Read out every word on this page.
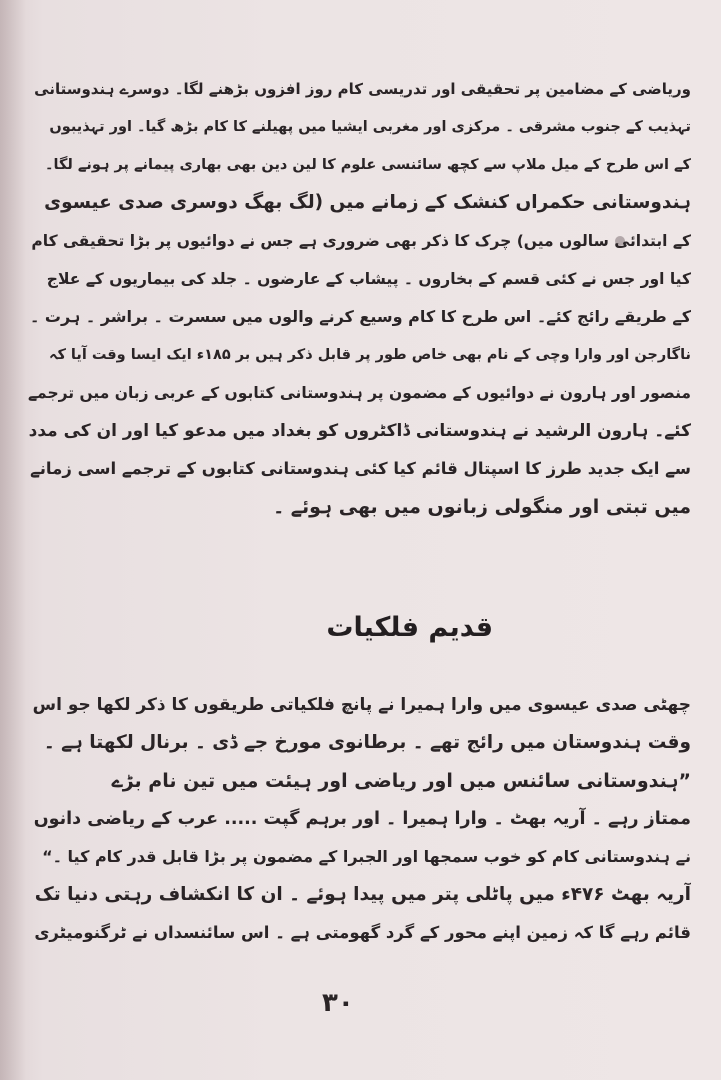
وریاضی کے مضامین پر تحقیقی اور تدریسی کام روز افزوں بڑھنے لگا۔ دوسرے ہندوستانی
تہذیب کے جنوب مشرقی ۔ مرکزی اور مغربی ایشیا میں پھیلنے کا کام بڑھ گیا۔ اور تہذیبوں
کے اس طرح کے میل ملاپ سے کچھ سائنسی علوم کا لین دین بھی بھاری پیمانے پر ہونے لگا۔
ہندوستانی حکمراں کنشک کے زمانے میں (لگ بھگ دوسری صدی عیسوی
کے ابتدائی سالوں میں) چرک کا ذکر بھی ضروری ہے جس نے دوائیوں پر بڑا تحقیقی کام
کیا اور جس نے کئی قسم کے بخاروں ۔ پیشاب کے عارضوں ۔ جلد کی بیماریوں کے علاج
کے طریقے رائج کئے۔ اس طرح کا کام وسیع کرنے والوں میں سسرت ۔ براشر ۔ ہرت ۔
ناگارجن اور وارا وچی کے نام بھی خاص طور پر قابل ذکر ہیں بر ۱۸۵ء ایک ایسا وقت آیا کہ
منصور اور ہارون نے دوائیوں کے مضمون پر ہندوستانی کتابوں کے عربی زبان میں ترجمے
کئے۔ ہارون الرشید نے ہندوستانی ڈاکٹروں کو بغداد میں مدعو کیا اور ان کی مدد
سے ایک جدید طرز کا اسپتال قائم کیا کئی ہندوستانی کتابوں کے ترجمے اسی زمانے
میں تبتی اور منگولی زبانوں میں بھی ہوئے ۔
قدیم فلکیات
چھٹی صدی عیسوی میں وارا ہمیرا نے پانچ فلکیاتی طریقوں کا ذکر لکھا جو اس
وقت ہندوستان میں رائج تھے ۔ برطانوی مورخ جے ڈی ۔ برنال لکھتا ہے ۔
”ہندوستانی سائنس میں اور ریاضی اور ہیئت میں تین نام بڑے
ممتاز رہے ۔ آریہ بھٹ ۔ وارا ہمیرا ۔ اور برہم گپت ..... عرب کے ریاضی دانوں
نے ہندوستانی کام کو خوب سمجھا اور الجبرا کے مضمون پر بڑا قابل قدر کام کیا ۔“
آریہ بھٹ ۴۷۶ء میں پاٹلی پتر میں پیدا ہوئے ۔ ان کا انکشاف رہتی دنیا تک
قائم رہے گا کہ زمین اپنے محور کے گرد گھومتی ہے ۔ اس سائنسداں نے ٹرگنومیٹری
۳۰
